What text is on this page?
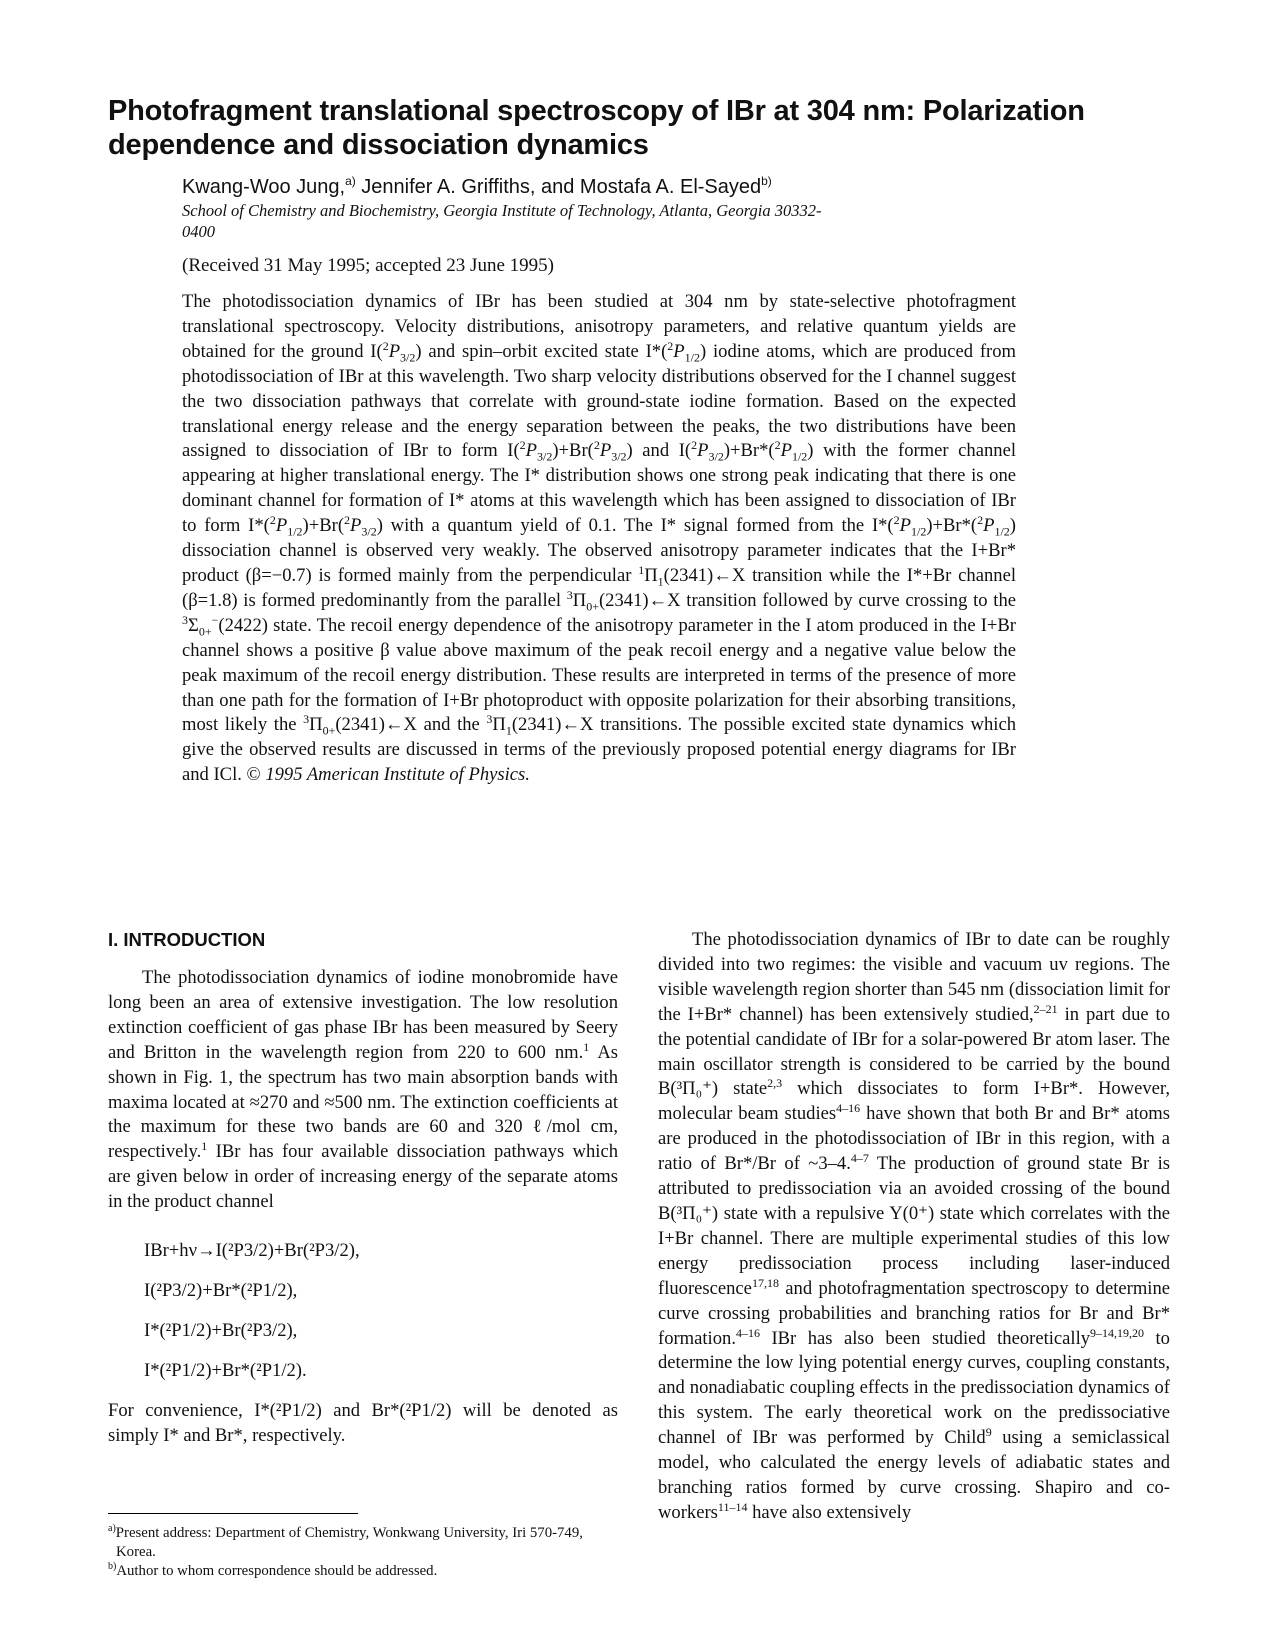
Photofragment translational spectroscopy of IBr at 304 nm: Polarization dependence and dissociation dynamics
Kwang-Woo Jung,$^{a)}$ Jennifer A. Griffiths, and Mostafa A. El-Sayed$^{b)}$
School of Chemistry and Biochemistry, Georgia Institute of Technology, Atlanta, Georgia 30332-0400
(Received 31 May 1995; accepted 23 June 1995)
The photodissociation dynamics of IBr has been studied at 304 nm by state-selective photofragment translational spectroscopy. Velocity distributions, anisotropy parameters, and relative quantum yields are obtained for the ground $I(^2P_{3/2})$ and spin–orbit excited state $I*(^2P_{1/2})$ iodine atoms, which are produced from photodissociation of IBr at this wavelength. Two sharp velocity distributions observed for the I channel suggest the two dissociation pathways that correlate with ground-state iodine formation. Based on the expected translational energy release and the energy separation between the peaks, the two distributions have been assigned to dissociation of IBr to form $I(^2P_{3/2})+Br(^2P_{3/2})$ and $I(^2P_{3/2})+Br*(^2P_{1/2})$ with the former channel appearing at higher translational energy. The I* distribution shows one strong peak indicating that there is one dominant channel for formation of I* atoms at this wavelength which has been assigned to dissociation of IBr to form $I*(^2P_{1/2})+Br(^2P_{3/2})$ with a quantum yield of 0.1. The I* signal formed from the $I*(^2P_{1/2})+Br*(^2P_{1/2})$ dissociation channel is observed very weakly. The observed anisotropy parameter indicates that the I+Br* product (β=−0.7) is formed mainly from the perpendicular $^1\Pi_1(2341)\leftarrow X$ transition while the I*+Br channel (β=1.8) is formed predominantly from the parallel $^3\Pi_{0+}(2341)\leftarrow X$ transition followed by curve crossing to the $^3\Sigma_{0+}^-(2422)$ state. The recoil energy dependence of the anisotropy parameter in the I atom produced in the I+Br channel shows a positive β value above maximum of the peak recoil energy and a negative value below the peak maximum of the recoil energy distribution. These results are interpreted in terms of the presence of more than one path for the formation of I+Br photoproduct with opposite polarization for their absorbing transitions, most likely the $^3\Pi_{0+}(2341)\leftarrow X$ and the $^3\Pi_1(2341)\leftarrow X$ transitions. The possible excited state dynamics which give the observed results are discussed in terms of the previously proposed potential energy diagrams for IBr and ICl. © 1995 American Institute of Physics.
I. INTRODUCTION

The photodissociation dynamics of iodine monobromide have long been an area of extensive investigation. The low resolution extinction coefficient of gas phase IBr has been measured by Seery and Britton in the wavelength region from 220 to 600 nm.$^1$ As shown in Fig. 1, the spectrum has two main absorption bands with maxima located at ≈270 and ≈500 nm. The extinction coefficients at the maximum for these two bands are 60 and 320 ℓ/mol cm, respectively.$^1$ IBr has four available dissociation pathways which are given below in order of increasing energy of the separate atoms in the product channel

IBr+hν→I(²P3/2)+Br(²P3/2),
I(²P3/2)+Br*(²P1/2),
I*(²P1/2)+Br(²P3/2),
I*(²P1/2)+Br*(²P1/2).

For convenience, I*(²P1/2) and Br*(²P1/2) will be denoted as simply I* and Br*, respectively.

The photodissociation dynamics of IBr to date can be roughly divided into two regimes: the visible and vacuum uv regions. The visible wavelength region shorter than 545 nm (dissociation limit for the I+Br* channel) has been extensively studied,$^{2-21}$ in part due to the potential candidate of IBr for a solar-powered Br atom laser. The main oscillator strength is considered to be carried by the bound B(³Π₀⁺) state$^{2,3}$ which dissociates to form I+Br*. However, molecular beam studies$^{4-16}$ have shown that both Br and Br* atoms are produced in the photodissociation of IBr in this region, with a ratio of Br*/Br of ~3–4.$^{4-7}$ The production of ground state Br is attributed to predissociation via an avoided crossing of the bound B(³Π₀⁺) state with a repulsive Y(0⁺) state which correlates with the I+Br channel. There are multiple experimental studies of this low energy predissociation process including laser-induced fluorescence$^{17,18}$ and photofragmentation spectroscopy to determine curve crossing probabilities and branching ratios for Br and Br* formation.$^{4-16}$ IBr has also been studied theoretically$^{9-14,19,20}$ to determine the low lying potential energy curves, coupling constants, and nonadiabatic coupling effects in the predissociation dynamics of this system. The early theoretical work on the predissociative channel of IBr was performed by Child$^9$ using a semiclassical model, who calculated the energy levels of adiabatic states and branching ratios formed by curve crossing. Shapiro and co-workers$^{11-14}$ have also extensively

$^{a)}$Present address: Department of Chemistry, Wonkwang University, Iri 570-749, Korea.
$^{b)}$Author to whom correspondence should be addressed.
